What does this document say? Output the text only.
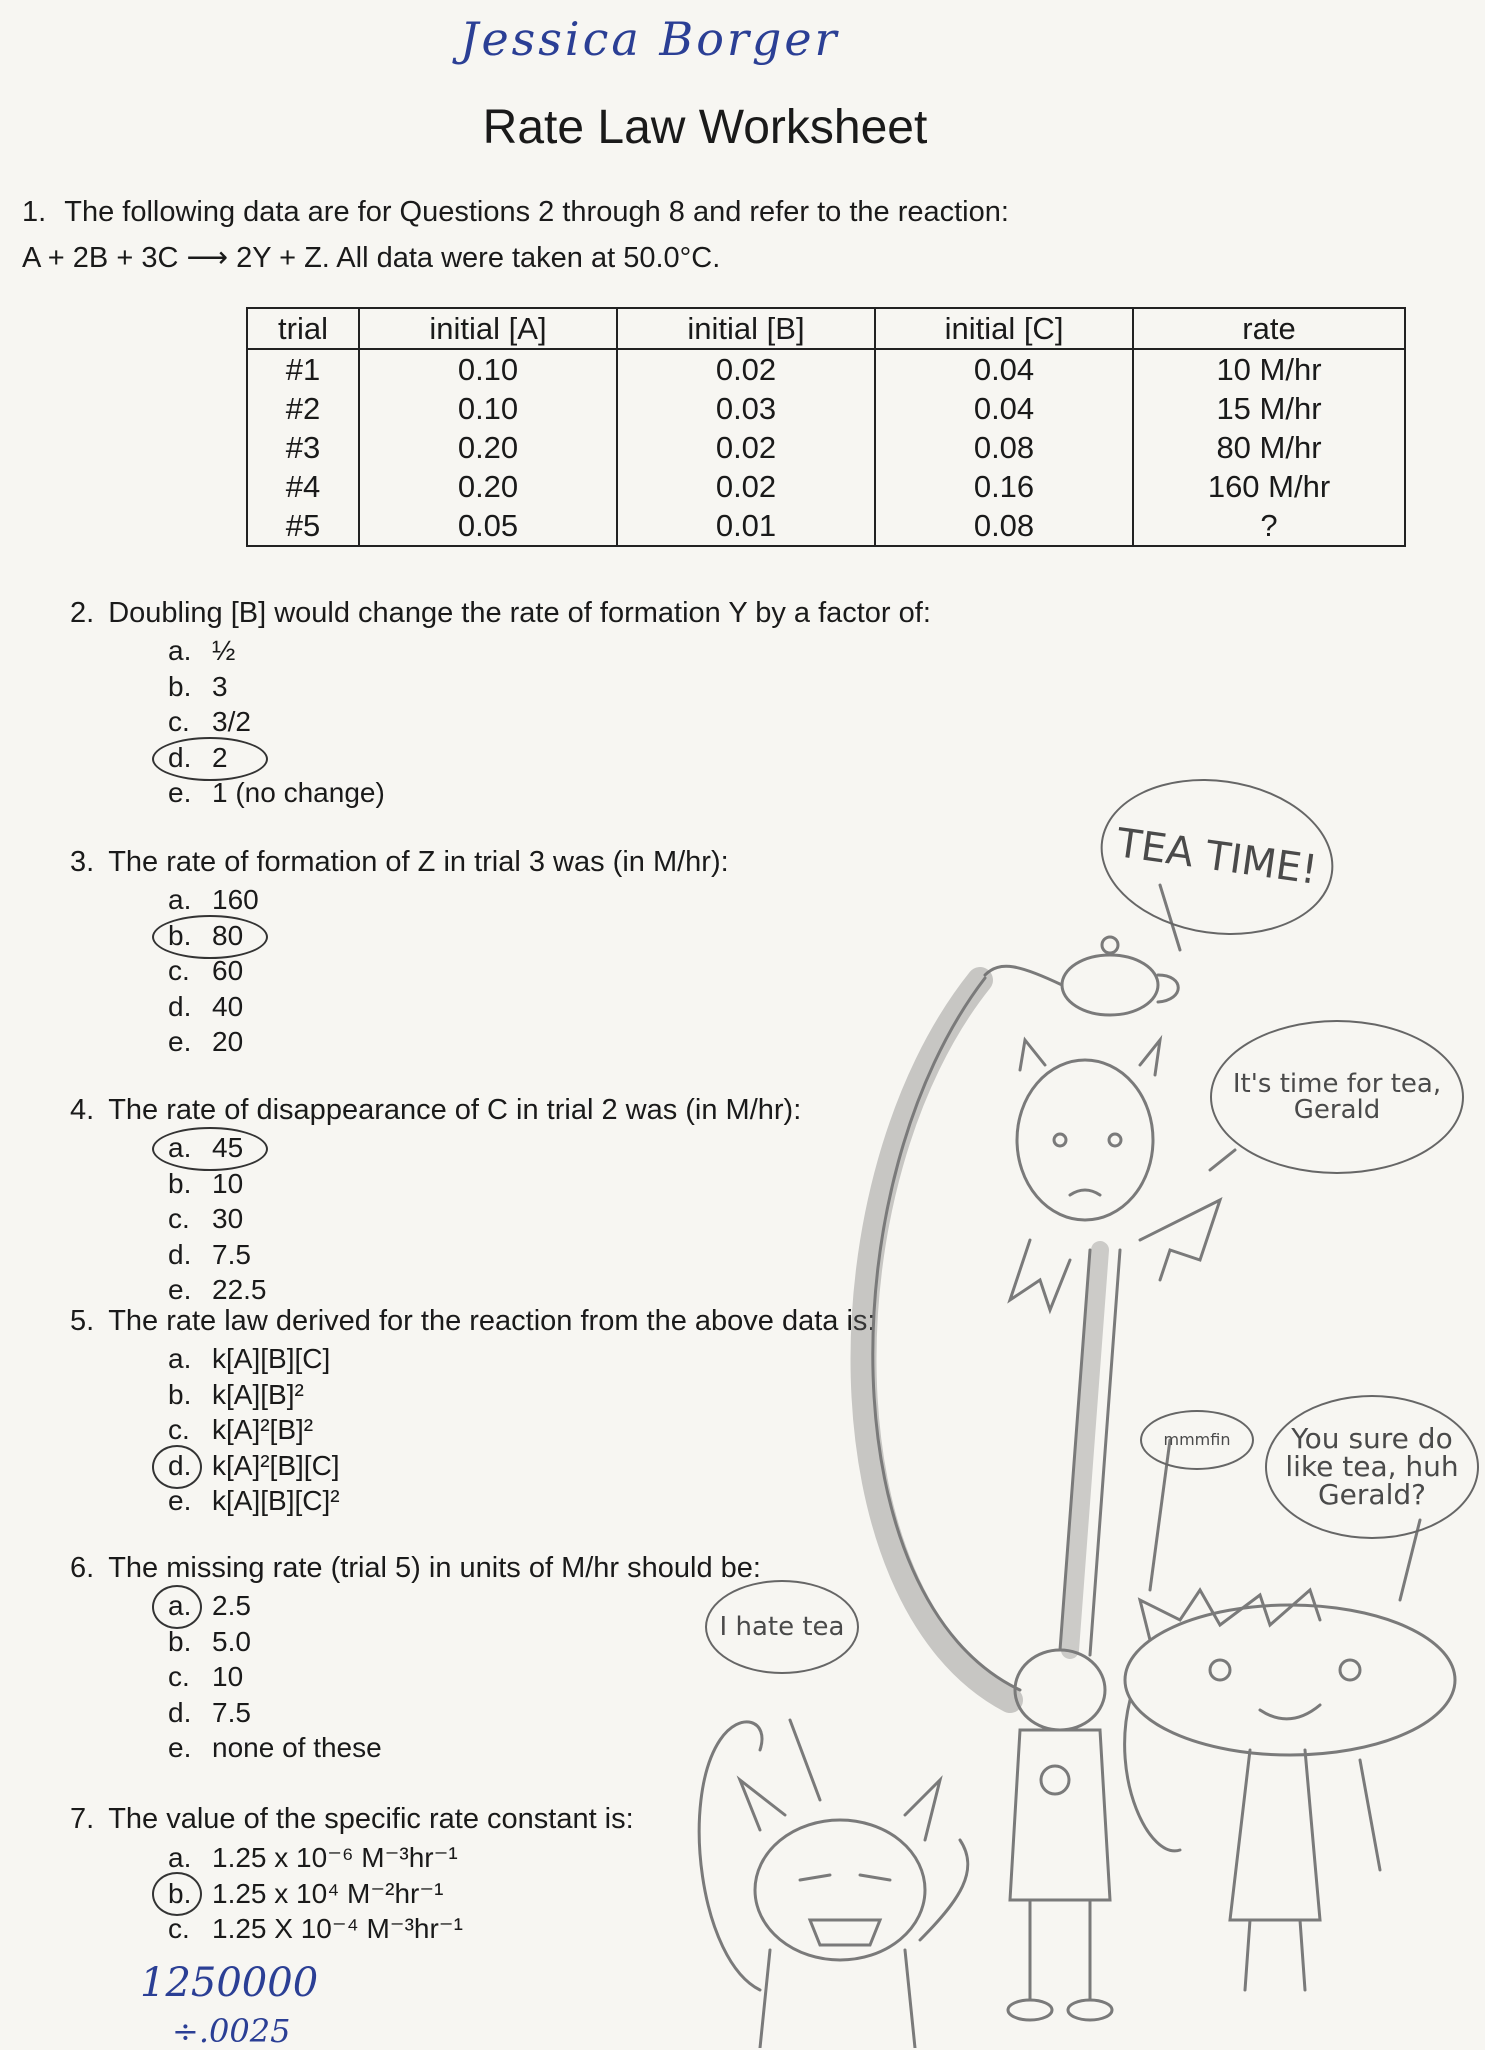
Jessica Borger
Rate Law Worksheet
1. The following data are for Questions 2 through 8 and refer to the reaction:
A + 2B + 3C ⟶ 2Y + Z. All data were taken at 50.0°C.
trial	initial [A]	initial [B]	initial [C]	rate
#1	0.10	0.02	0.04	10 M/hr
#2	0.10	0.03	0.04	15 M/hr
#3	0.20	0.02	0.08	80 M/hr
#4	0.20	0.02	0.16	160 M/hr
#5	0.05	0.01	0.08	?
2. Doubling [B] would change the rate of formation Y by a factor of:
a. ½
b. 3
c. 3/2
d. 2
e. 1 (no change)
3. The rate of formation of Z in trial 3 was (in M/hr):
a. 160
b. 80
c. 60
d. 40
e. 20
4. The rate of disappearance of C in trial 2 was (in M/hr):
a. 45
b. 10
c. 30
d. 7.5
e. 22.5
5. The rate law derived for the reaction from the above data is:
a. k[A][B][C]
b. k[A][B]²
c. k[A]²[B]²
d. k[A]²[B][C]
e. k[A][B][C]²
6. The missing rate (trial 5) in units of M/hr should be:
a. 2.5
b. 5.0
c. 10
d. 7.5
e. none of these
7. The value of the specific rate constant is:
a. 1.25 x 10⁻⁶ M⁻³hr⁻¹
b. 1.25 x 10⁴ M⁻²hr⁻¹
c. 1.25 X 10⁻⁴ M⁻³hr⁻¹
1250000
÷.0025
TEA TIME!
It's time for tea, Gerald
You sure do like tea, huh Gerald?
mmmfin
I hate tea
